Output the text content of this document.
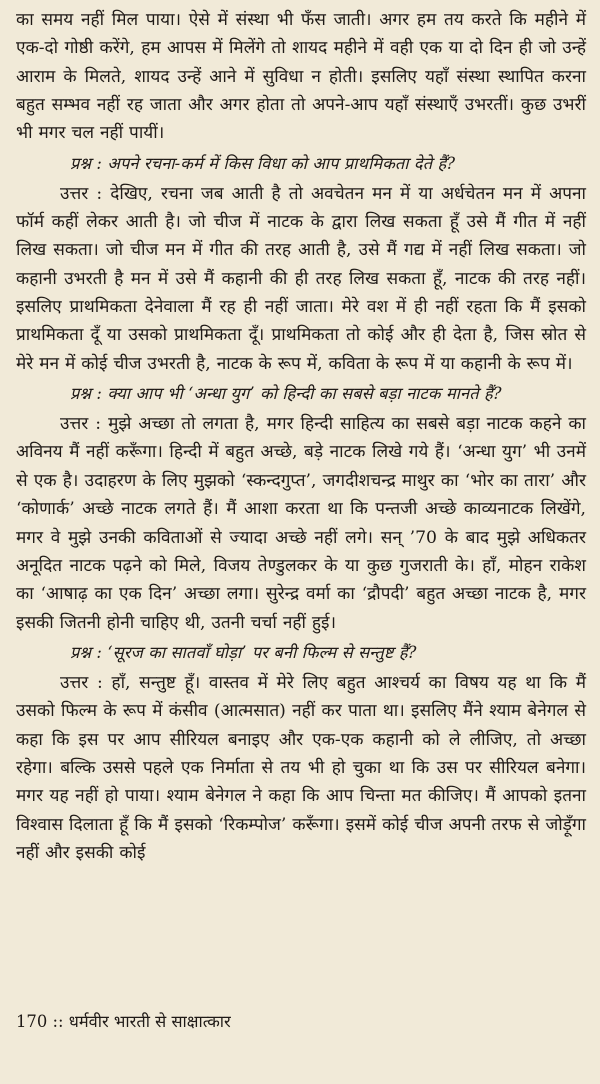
का समय नहीं मिल पाया। ऐसे में संस्था भी फँस जाती। अगर हम तय करते कि महीने में एक-दो गोष्ठी करेंगे, हम आपस में मिलेंगे तो शायद महीने में वही एक या दो दिन ही जो उन्हें आराम के मिलते, शायद उन्हें आने में सुविधा न होती। इसलिए यहाँ संस्था स्थापित करना बहुत सम्भव नहीं रह जाता और अगर होता तो अपने-आप यहाँ संस्थाएँ उभरतीं। कुछ उभरीं भी मगर चल नहीं पायीं।

प्रश्न : अपने रचना-कर्म में किस विधा को आप प्राथमिकता देते हैं?

उत्तर : देखिए, रचना जब आती है तो अवचेतन मन में या अर्धचेतन मन में अपना फॉर्म कहीं लेकर आती है। जो चीज में नाटक के द्वारा लिख सकता हूँ उसे मैं गीत में नहीं लिख सकता। जो चीज मन में गीत की तरह आती है, उसे मैं गद्य में नहीं लिख सकता। जो कहानी उभरती है मन में उसे मैं कहानी की ही तरह लिख सकता हूँ, नाटक की तरह नहीं। इसलिए प्राथमिकता देनेवाला मैं रह ही नहीं जाता। मेरे वश में ही नहीं रहता कि मैं इसको प्राथमिकता दूँ या उसको प्राथमिकता दूँ। प्राथमिकता तो कोई और ही देता है, जिस स्रोत से मेरे मन में कोई चीज उभरती है, नाटक के रूप में, कविता के रूप में या कहानी के रूप में।

प्रश्न : क्या आप भी ‘अन्धा युग’ को हिन्दी का सबसे बड़ा नाटक मानते हैं?

उत्तर : मुझे अच्छा तो लगता है, मगर हिन्दी साहित्य का सबसे बड़ा नाटक कहने का अविनय मैं नहीं करूँगा। हिन्दी में बहुत अच्छे, बड़े नाटक लिखे गये हैं। ‘अन्धा युग’ भी उनमें से एक है। उदाहरण के लिए मुझको ‘स्कन्दगुप्त’, जगदीशचन्द्र माथुर का ‘भोर का तारा’ और ‘कोणार्क’ अच्छे नाटक लगते हैं। मैं आशा करता था कि पन्तजी अच्छे काव्यनाटक लिखेंगे, मगर वे मुझे उनकी कविताओं से ज्यादा अच्छे नहीं लगे। सन् ’70 के बाद मुझे अधिकतर अनूदित नाटक पढ़ने को मिले, विजय तेण्डुलकर के या कुछ गुजराती के। हाँ, मोहन राकेश का ‘आषाढ़ का एक दिन’ अच्छा लगा। सुरेन्द्र वर्मा का ‘द्रौपदी’ बहुत अच्छा नाटक है, मगर इसकी जितनी होनी चाहिए थी, उतनी चर्चा नहीं हुई।

प्रश्न : ‘सूरज का सातवाँ घोड़ा’ पर बनी फिल्म से सन्तुष्ट हैं?

उत्तर : हाँ, सन्तुष्ट हूँ। वास्तव में मेरे लिए बहुत आश्चर्य का विषय यह था कि मैं उसको फिल्म के रूप में कंसीव (आत्मसात) नहीं कर पाता था। इसलिए मैंने श्याम बेनेगल से कहा कि इस पर आप सीरियल बनाइए और एक-एक कहानी को ले लीजिए, तो अच्छा रहेगा। बल्कि उससे पहले एक निर्माता से तय भी हो चुका था कि उस पर सीरियल बनेगा। मगर यह नहीं हो पाया। श्याम बेनेगल ने कहा कि आप चिन्ता मत कीजिए। मैं आपको इतना विश्वास दिलाता हूँ कि मैं इसको ‘रिकम्पोज’ करूँगा। इसमें कोई चीज अपनी तरफ से जोड़ूँगा नहीं और इसकी कोई

170 :: धर्मवीर भारती से साक्षात्कार
